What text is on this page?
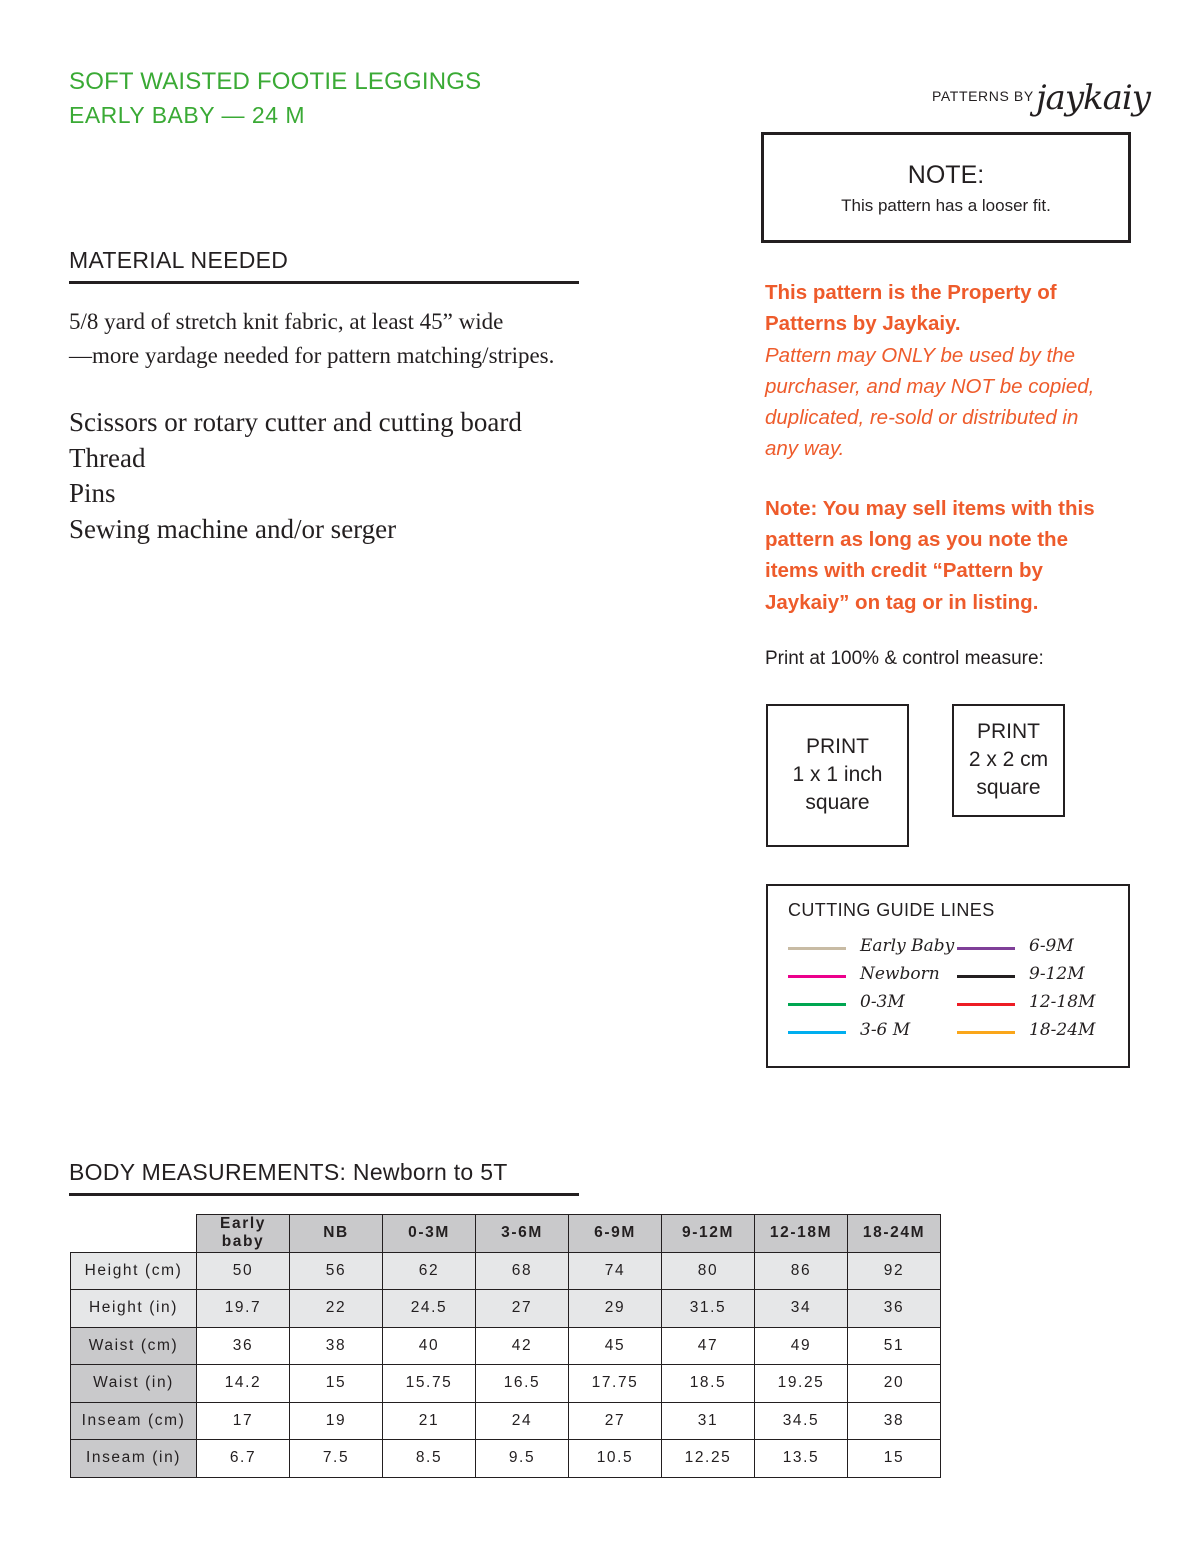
SOFT WAISTED FOOTIE LEGGINGS
EARLY BABY — 24 M
PATTERNS BY jaykaiy
NOTE:
This pattern has a looser fit.
MATERIAL NEEDED
5/8 yard of stretch knit fabric, at least 45” wide
—more yardage needed for pattern matching/stripes.
Scissors or rotary cutter and cutting board
Thread
Pins
Sewing machine and/or serger
This pattern is the Property of
Patterns by Jaykaiy.
Pattern may ONLY be used by the
purchaser, and may NOT be copied,
duplicated, re-sold or distributed in
any way.
Note: You may sell items with this
pattern as long as you note the
items with credit “Pattern by
Jaykaiy” on tag or in listing.
Print at 100% & control measure:
PRINT
1 x 1 inch
square
PRINT
2 x 2 cm
square
CUTTING GUIDE LINES
Early Baby
Newborn
0-3M
3-6 M
6-9M
9-12M
12-18M
18-24M
BODY MEASUREMENTS: Newborn to 5T
	Early baby	NB	0-3M	3-6M	6-9M	9-12M	12-18M	18-24M
Height (cm)	50	56	62	68	74	80	86	92
Height (in)	19.7	22	24.5	27	29	31.5	34	36
Waist (cm)	36	38	40	42	45	47	49	51
Waist (in)	14.2	15	15.75	16.5	17.75	18.5	19.25	20
Inseam (cm)	17	19	21	24	27	31	34.5	38
Inseam (in)	6.7	7.5	8.5	9.5	10.5	12.25	13.5	15
